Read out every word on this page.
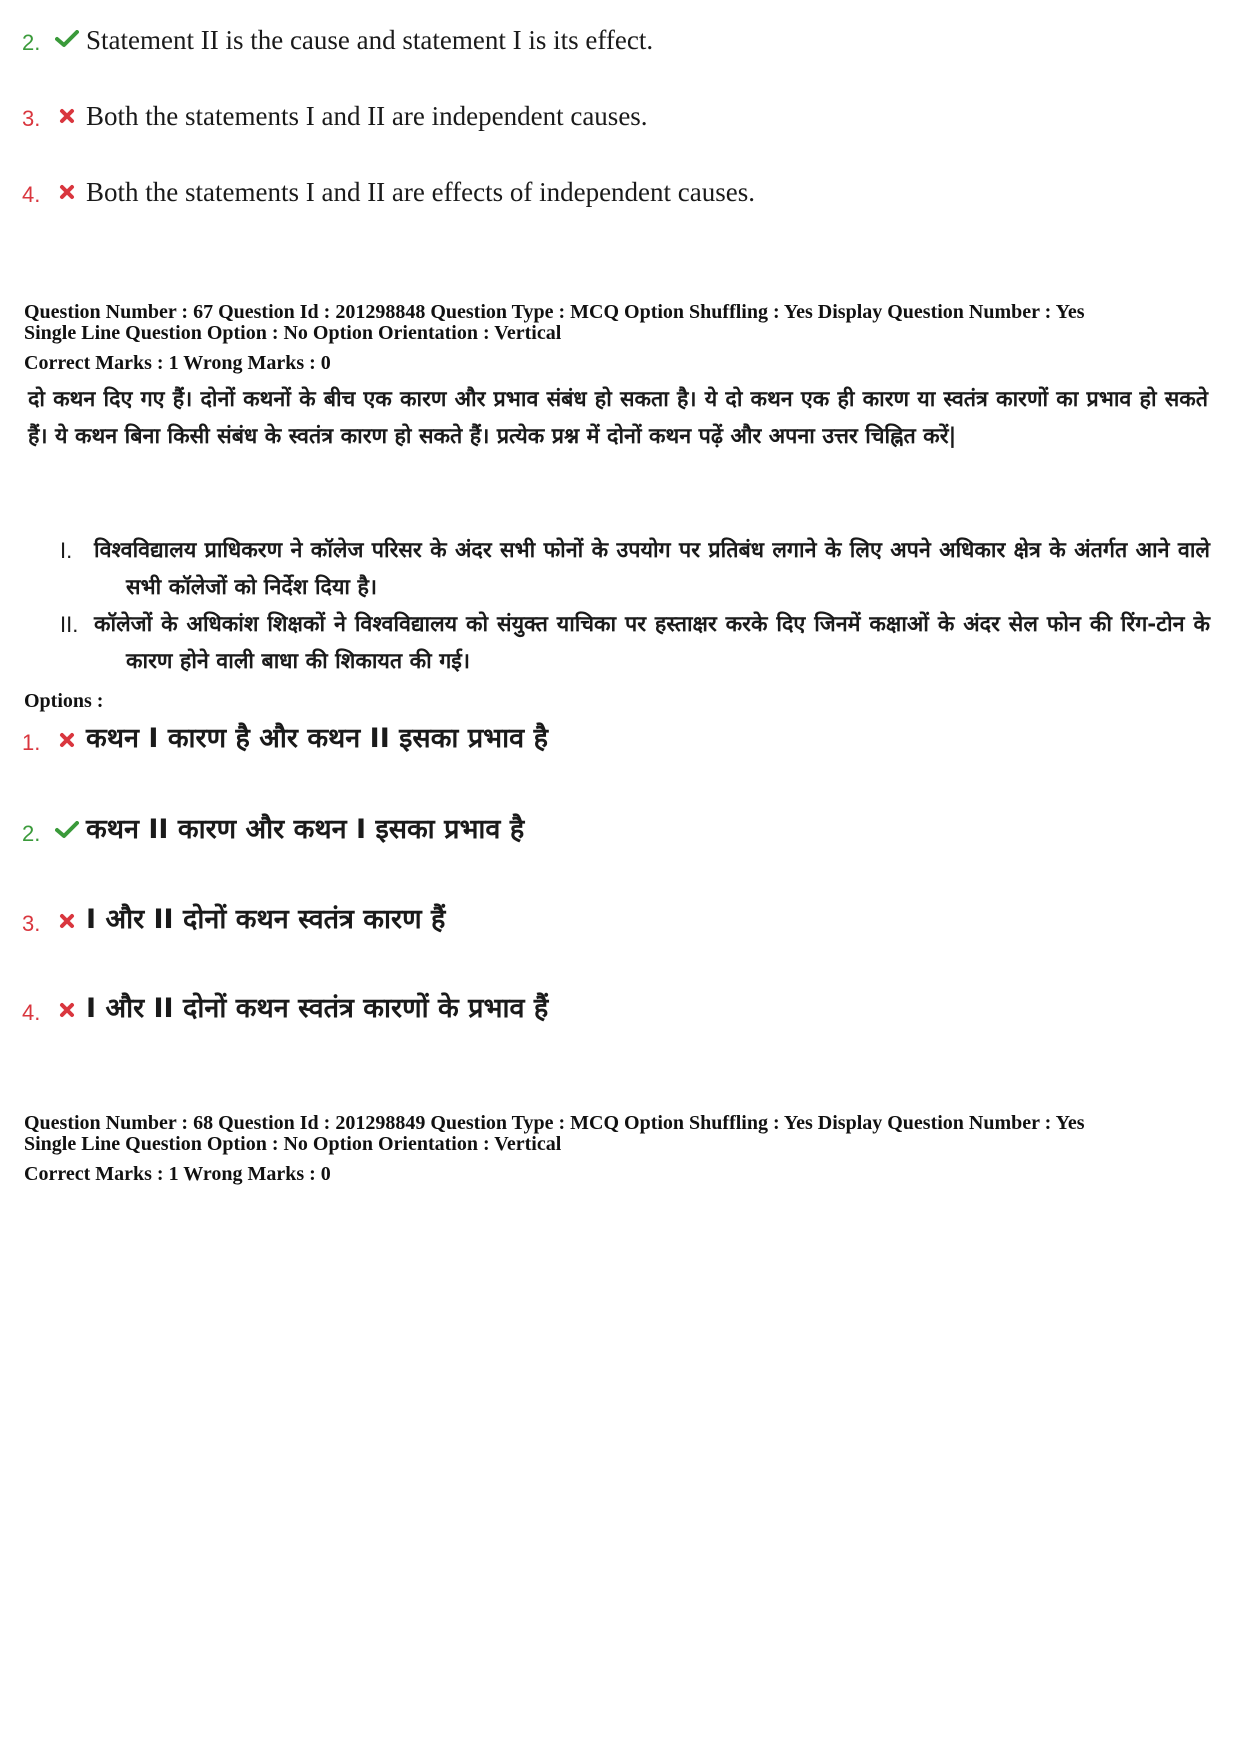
2.	Statement II is the cause and statement I is its effect.
3.	Both the statements I and II are independent causes.
4.	Both the statements I and II are effects of independent causes.
Question Number : 67 Question Id : 201298848 Question Type : MCQ Option Shuffling : Yes Display Question Number : Yes
Single Line Question Option : No Option Orientation : Vertical
Correct Marks : 1 Wrong Marks : 0
दो कथन दिए गए हैं। दोनों कथनों के बीच एक कारण और प्रभाव संबंध हो सकता है। ये दो कथन एक ही कारण या स्वतंत्र कारणों का प्रभाव हो सकते हैं। ये कथन बिना किसी संबंध के स्वतंत्र कारण हो सकते हैं। प्रत्येक प्रश्न में दोनों कथन पढ़ें और अपना उत्तर चिह्नित करें|
I.	विश्वविद्यालय प्राधिकरण ने कॉलेज परिसर के अंदर सभी फोनों के उपयोग पर प्रतिबंध लगाने के लिए अपने अधिकार क्षेत्र के अंतर्गत आने वाले सभी कॉलेजों को निर्देश दिया है।
II. कॉलेजों के अधिकांश शिक्षकों ने विश्वविद्यालय को संयुक्त याचिका पर हस्ताक्षर करके दिए जिनमें कक्षाओं के अंदर सेल फोन की रिंग-टोन के कारण होने वाली बाधा की शिकायत की गई।
Options :
1.	कथन I कारण है और कथन II इसका प्रभाव है
2.	कथन II कारण और कथन I इसका प्रभाव है
3.	I और II दोनों कथन स्वतंत्र कारण हैं
4.	I और II दोनों कथन स्वतंत्र कारणों के प्रभाव हैं
Question Number : 68 Question Id : 201298849 Question Type : MCQ Option Shuffling : Yes Display Question Number : Yes
Single Line Question Option : No Option Orientation : Vertical
Correct Marks : 1 Wrong Marks : 0
